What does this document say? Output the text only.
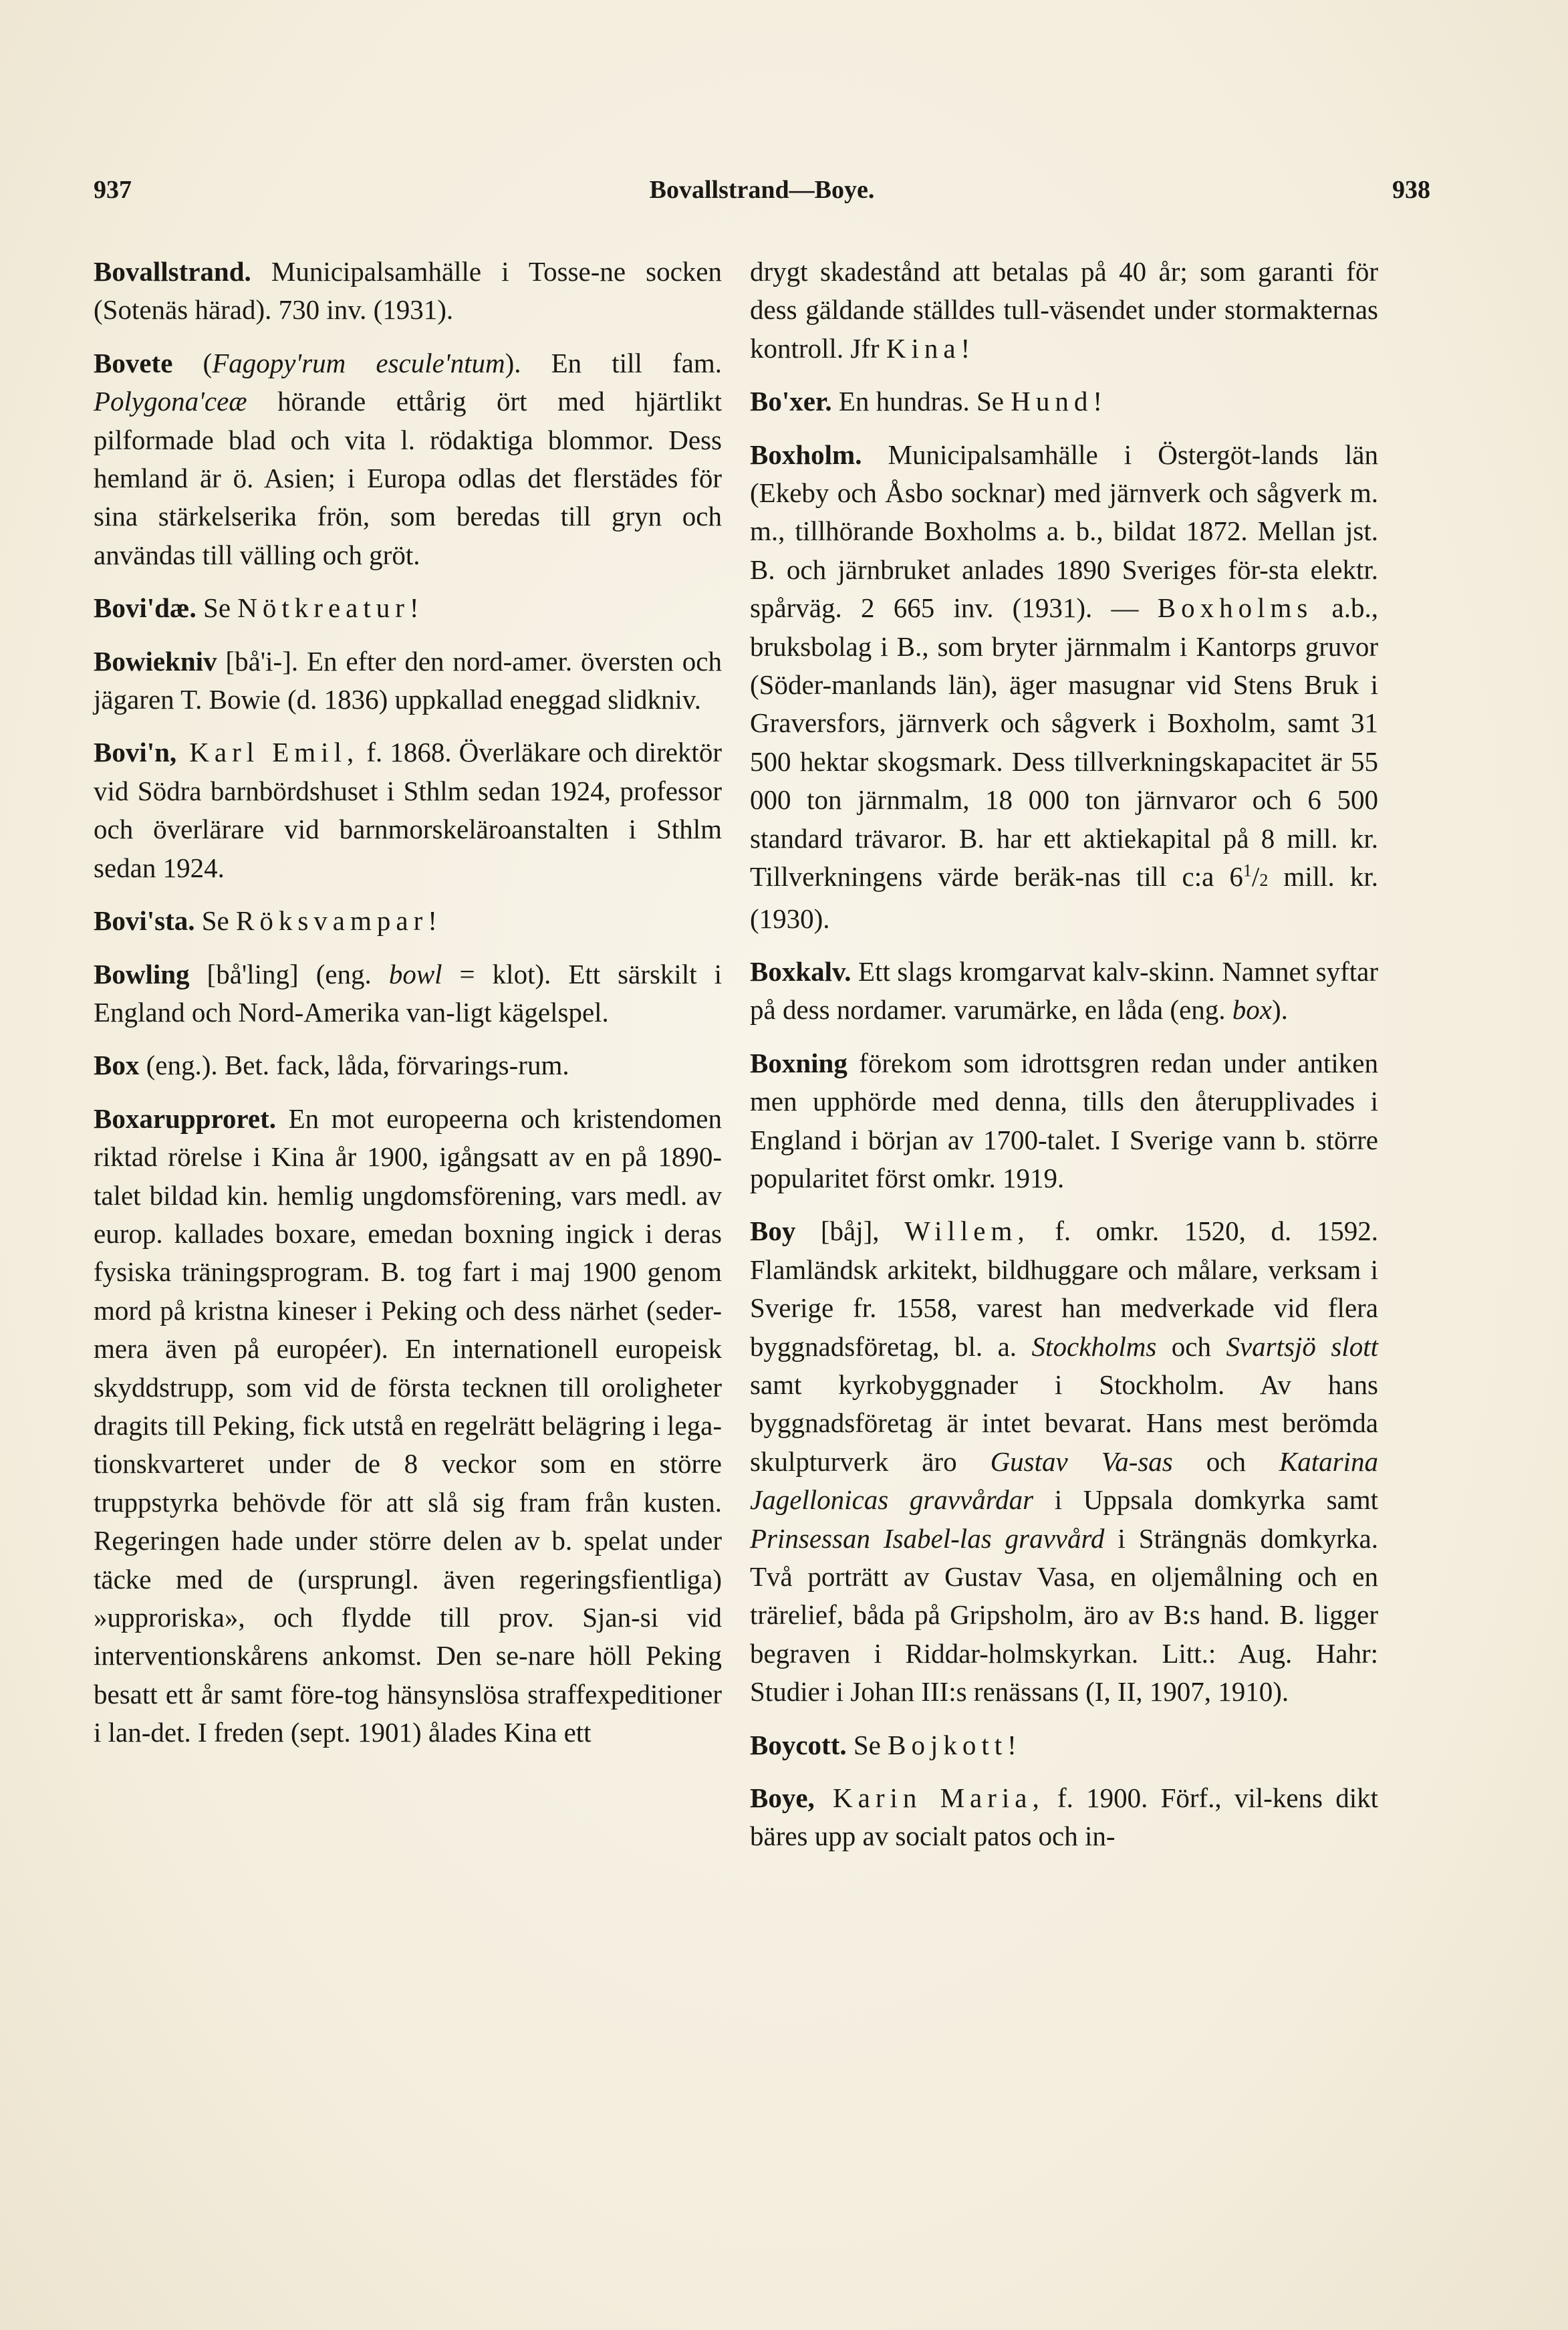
937	Bovallstrand—Boye.	938

Bovallstrand. Municipalsamhälle i Tosse-ne socken (Sotenäs härad). 730 inv. (1931).

Bovete (Fagopy'rum escule'ntum). En till fam. Polygona'ceæ hörande ettårig ört med hjärtlikt pilformade blad och vita l. rödaktiga blommor. Dess hemland är ö. Asien; i Europa odlas det flerstädes för sina stärkelserika frön, som beredas till gryn och användas till välling och gröt.

Bovi'dæ. Se Nötkreatur!

Bowiekniv [bå'i-]. En efter den nord-amer. översten och jägaren T. Bowie (d. 1836) uppkallad eneggad slidkniv.

Bovi'n, Karl Emil, f. 1868. Överläkare och direktör vid Södra barnbördshuset i Sthlm sedan 1924, professor och överlärare vid barnmorskeläroanstalten i Sthlm sedan 1924.

Bovi'sta. Se Röksvampar!

Bowling [bå'ling] (eng. bowl = klot). Ett särskilt i England och Nord-Amerika van-ligt kägelspel.

Box (eng.). Bet. fack, låda, förvarings-rum.

Boxarupproret. En mot europeerna och kristendomen riktad rörelse i Kina år 1900, igångsatt av en på 1890-talet bildad kin. hemlig ungdomsförening, vars medl. av europ. kallades boxare, emedan boxning ingick i deras fysiska träningsprogram. B. tog fart i maj 1900 genom mord på kristna kineser i Peking och dess närhet (seder-mera även på européer). En internationell europeisk skyddstrupp, som vid de första tecknen till oroligheter dragits till Peking, fick utstå en regelrätt belägring i lega-tionskvarteret under de 8 veckor som en större truppstyrka behövde för att slå sig fram från kusten. Regeringen hade under större delen av b. spelat under täcke med de (ursprungl. även regeringsfientliga) »upproriska», och flydde till prov. Sjan-si vid interventionskårens ankomst. Den se-nare höll Peking besatt ett år samt före-tog hänsynslösa straffexpeditioner i lan-det. I freden (sept. 1901) ålades Kina ett

drygt skadestånd att betalas på 40 år; som garanti för dess gäldande ställdes tull-väsendet under stormakternas kontroll. Jfr Kina!

Bo'xer. En hundras. Se Hund!

Boxholm. Municipalsamhälle i Östergöt-lands län (Ekeby och Åsbo socknar) med järnverk och sågverk m. m., tillhörande Boxholms a. b., bildat 1872. Mellan jst. B. och järnbruket anlades 1890 Sveriges för-sta elektr. spårväg. 2 665 inv. (1931). — Boxholms a.b., bruksbolag i B., som bryter järnmalm i Kantorps gruvor (Söder-manlands län), äger masugnar vid Stens Bruk i Graversfors, järnverk och sågverk i Boxholm, samt 31 500 hektar skogsmark. Dess tillverkningskapacitet är 55 000 ton järnmalm, 18 000 ton järnvaror och 6 500 standard trävaror. B. har ett aktiekapital på 8 mill. kr. Tillverkningens värde beräk-nas till c:a $6^1/2$ mill. kr. (1930).

Boxkalv. Ett slags kromgarvat kalv-skinn. Namnet syftar på dess nordamer. varumärke, en låda (eng. box).

Boxning förekom som idrottsgren redan under antiken men upphörde med denna, tills den återupplivades i England i början av 1700-talet. I Sverige vann b. större popularitet först omkr. 1919.

Boy [båj], Willem, f. omkr. 1520, d. 1592. Flamländsk arkitekt, bildhuggare och målare, verksam i Sverige fr. 1558, varest han medverkade vid flera byggnadsföretag, bl. a. Stockholms och Svartsjö slott samt kyrkobyggnader i Stockholm. Av hans byggnadsföretag är intet bevarat. Hans mest berömda skulpturverk äro Gustav Va-sas och Katarina Jagellonicas gravvårdar i Uppsala domkyrka samt Prinsessan Isabel-las gravvård i Strängnäs domkyrka. Två porträtt av Gustav Vasa, en oljemålning och en trärelief, båda på Gripsholm, äro av B:s hand. B. ligger begraven i Riddar-holmskyrkan. Litt.: Aug. Hahr: Studier i Johan III:s renässans (I, II, 1907, 1910).

Boycott. Se Bojkott!

Boye, Karin Maria, f. 1900. Förf., vil-kens dikt bäres upp av socialt patos och in-
